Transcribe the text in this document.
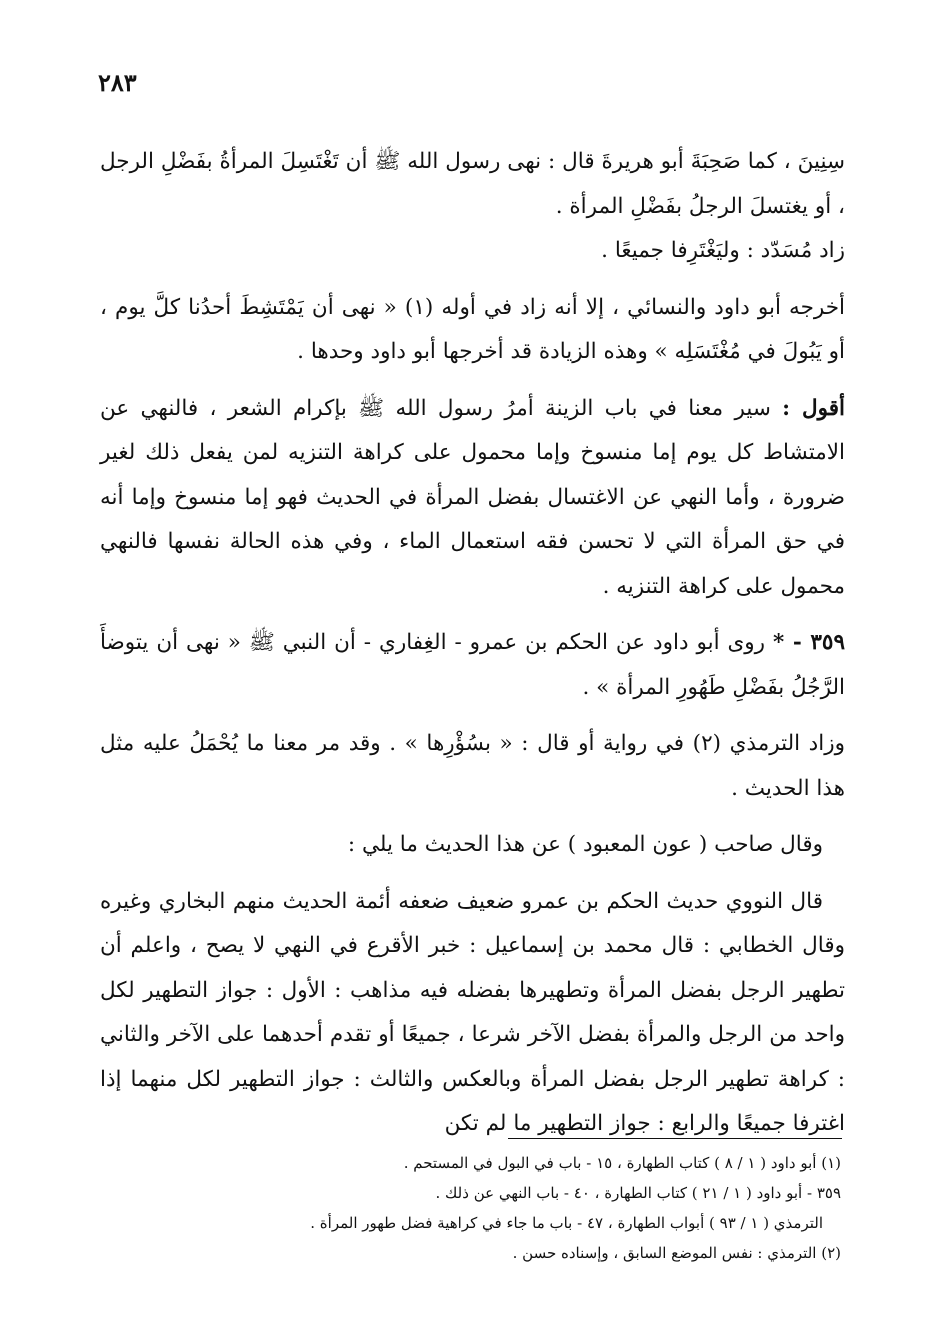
٢٨٣

سِنِينَ ، كما صَحِبَةَ أبو هريرةَ قال : نهى رسول الله ﷺ أن تَغْتَسِلَ المرأةُ بفَضْلِ الرجل ، أو يغتسلَ الرجلُ بفَضْلِ المرأة .

زاد مُسَدّد : وليَغْتَرِفا جميعًا .

أخرجه أبو داود والنسائي ، إلا أنه زاد في أوله (١) « نهى أن يَمْتَشِطَ أحدُنا كلَّ يوم ، أو يَبُولَ في مُغْتَسَلِه » وهذه الزيادة قد أخرجها أبو داود وحدها .

أقول : سير معنا في باب الزينة أمرُ رسول الله ﷺ بإكرام الشعر ، فالنهي عن الامتشاط كل يوم إما منسوخ وإما محمول على كراهة التنزيه لمن يفعل ذلك لغير ضرورة ، وأما النهي عن الاغتسال بفضل المرأة في الحديث فهو إما منسوخ وإما أنه في حق المرأة التي لا تحسن فقه استعمال الماء ، وفي هذه الحالة نفسها فالنهي محمول على كراهة التنزيه .

٣٥٩ - * روى أبو داود عن الحكم بن عمرو - الغِفاري - أن النبي ﷺ « نهى أن يتوضأَ الرَّجُلُ بفَضْلِ طَهُورِ المرأة » .

وزاد الترمذي (٢) في رواية أو قال : « بسُؤْرِها » . وقد مر معنا ما يُحْمَلُ عليه مثل هذا الحديث .

وقال صاحب ( عون المعبود ) عن هذا الحديث ما يلي :

قال النووي حديث الحكم بن عمرو ضعيف ضعفه أئمة الحديث منهم البخاري وغيره وقال الخطابي : قال محمد بن إسماعيل : خبر الأقرع في النهي لا يصح ، واعلم أن تطهير الرجل بفضل المرأة وتطهيرها بفضله فيه مذاهب : الأول : جواز التطهير لكل واحد من الرجل والمرأة بفضل الآخر شرعا ، جميعًا أو تقدم أحدهما على الآخر والثاني : كراهة تطهير الرجل بفضل المرأة وبالعكس والثالث : جواز التطهير لكل منهما إذا اغترفا جميعًا والرابع : جواز التطهير ما لم تكن

(١) أبو داود ( ١ / ٨ ) كتاب الطهارة ، ١٥ - باب في البول في المستحم .

٣٥٩ - أبو داود ( ١ / ٢١ ) كتاب الطهارة ، ٤٠ - باب النهي عن ذلك .

الترمذي ( ١ / ٩٣ ) أبواب الطهارة ، ٤٧ - باب ما جاء في كراهية فضل طهور المرأة .

(٢) الترمذي : نفس الموضع السابق ، وإسناده حسن .
